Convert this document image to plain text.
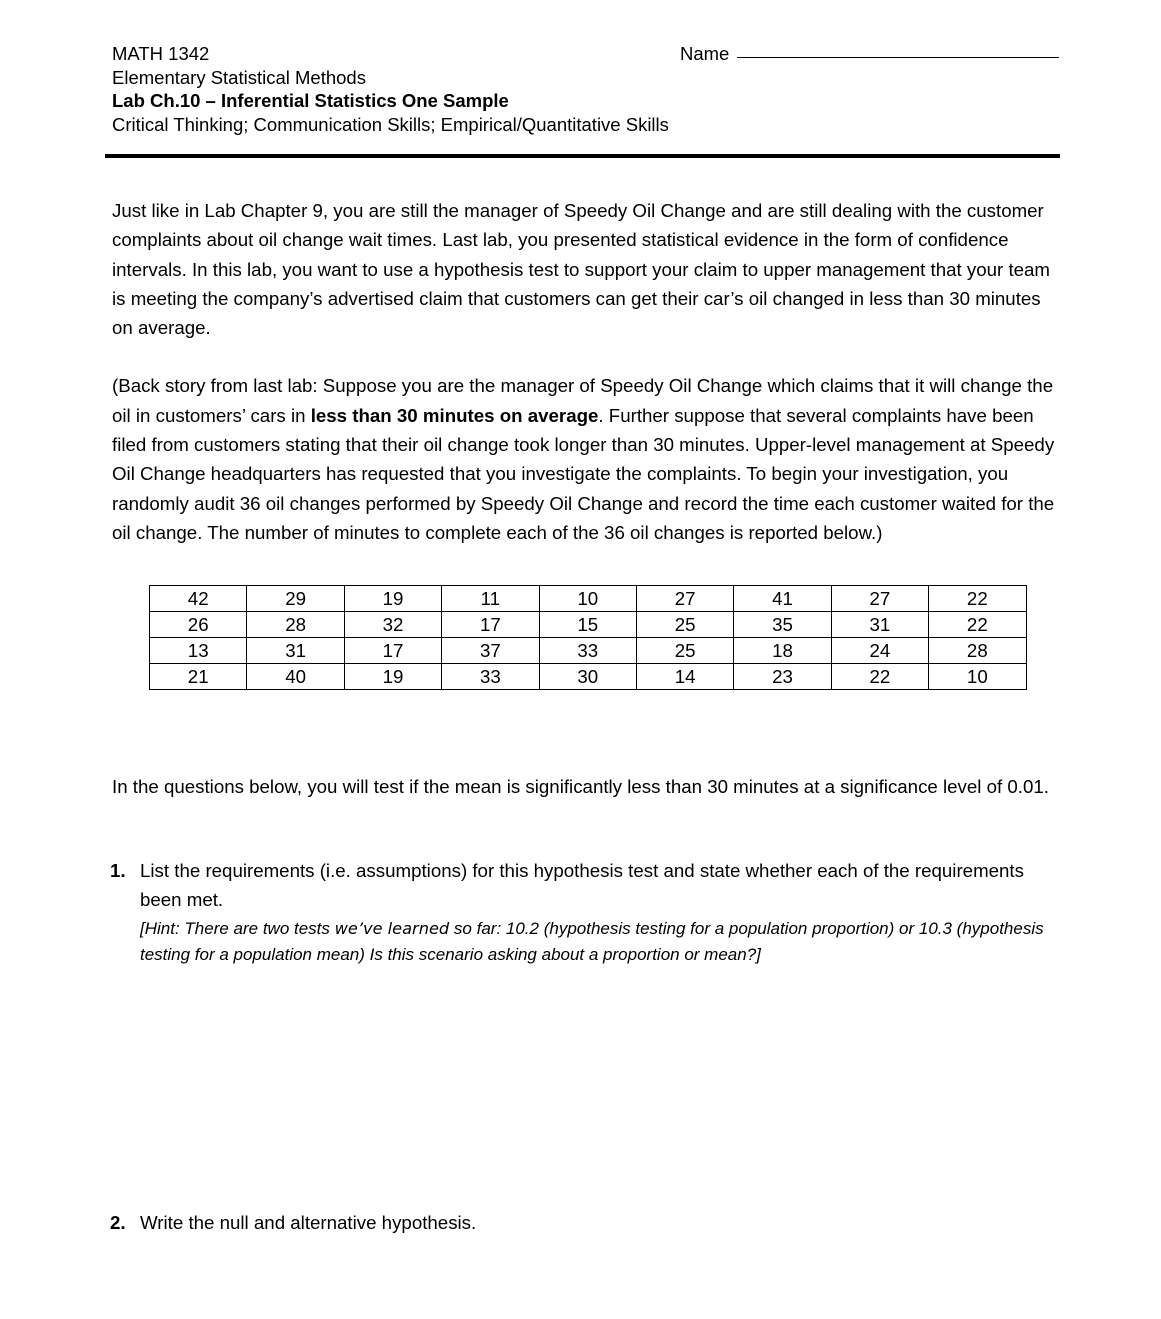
MATH 1342
Elementary Statistical Methods
Lab Ch.10 – Inferential Statistics One Sample
Critical Thinking; Communication Skills; Empirical/Quantitative Skills
Name

Just like in Lab Chapter 9, you are still the manager of Speedy Oil Change and are still dealing with the customer complaints about oil change wait times. Last lab, you presented statistical evidence in the form of confidence intervals. In this lab, you want to use a hypothesis test to support your claim to upper management that your team is meeting the company’s advertised claim that customers can get their car’s oil changed in less than 30 minutes on average.

(Back story from last lab: Suppose you are the manager of Speedy Oil Change which claims that it will change the oil in customers’ cars in less than 30 minutes on average. Further suppose that several complaints have been filed from customers stating that their oil change took longer than 30 minutes. Upper-level management at Speedy Oil Change headquarters has requested that you investigate the complaints. To begin your investigation, you randomly audit 36 oil changes performed by Speedy Oil Change and record the time each customer waited for the oil change. The number of minutes to complete each of the 36 oil changes is reported below.)

42	29	19	11	10	27	41	27	22
26	28	32	17	15	25	35	31	22
13	31	17	37	33	25	18	24	28
21	40	19	33	30	14	23	22	10

In the questions below, you will test if the mean is significantly less than 30 minutes at a significance level of 0.01.

1. List the requirements (i.e. assumptions) for this hypothesis test and state whether each of the requirements been met.
[Hint: There are two tests we’ve learned so far: 10.2 (hypothesis testing for a population proportion) or 10.3 (hypothesis testing for a population mean) Is this scenario asking about a proportion or mean?]
2. Write the null and alternative hypothesis.
